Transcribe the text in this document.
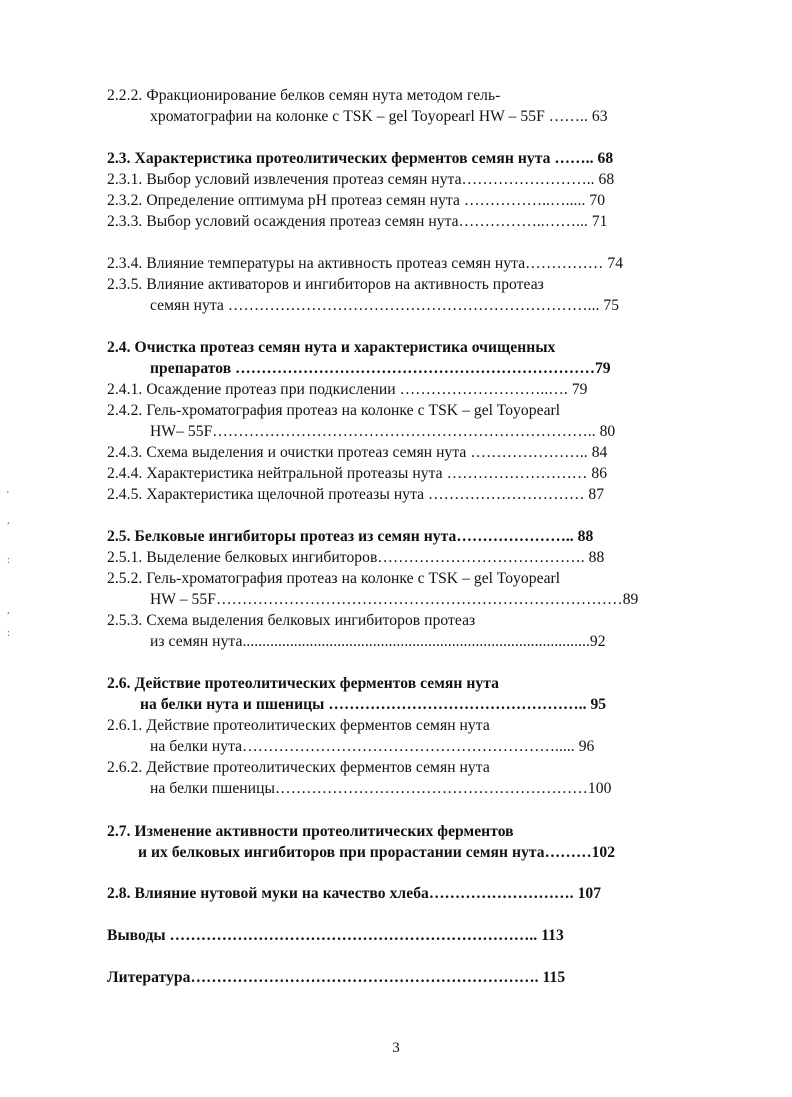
2.2.2. Фракционирование белков семян нута методом гель-
хроматографии на колонке с TSK – gel Toyopearl HW – 55F …….. 63
2.3. Характеристика протеолитических ферментов семян нута …….. 68
2.3.1. Выбор условий извлечения протеаз семян нута…………………….. 68
2.3.2. Определение оптимума рН протеаз семян нута ……………..…..... 70
2.3.3. Выбор условий осаждения протеаз семян нута……………..……... 71
2.3.4. Влияние температуры на активность протеаз семян нута…………… 74
2.3.5. Влияние активаторов и ингибиторов на активность протеаз
семян нута ……………………………………………………………... 75
2.4. Очистка протеаз семян нута и характеристика очищенных
препаратов ……………………………………………………………79
2.4.1. Осаждение протеаз при подкислении ………………………..…. 79
2.4.2. Гель-хроматография протеаз на колонке с TSK – gel Toyopearl
HW– 55F……………………………………………………………….. 80
2.4.3. Схема выделения и очистки протеаз семян нута ………………….. 84
2.4.4. Характеристика нейтральной протеазы нута ……………………… 86
2.4.5. Характеристика щелочной протеазы нута ………………………… 87
2.5. Белковые ингибиторы протеаз из семян нута………………….. 88
2.5.1. Выделение белковых ингибиторов…………………………………. 88
2.5.2. Гель-хроматография протеаз на колонке с TSK – gel Toyopearl
HW – 55F……………………………………………………………………89
2.5.3. Схема выделения белковых ингибиторов протеаз
из семян нута........................................................................................92
2.6. Действие протеолитических ферментов семян нута
на белки нута и пшеницы ………………………………………….. 95
2.6.1. Действие протеолитических ферментов семян нута
на белки нута……………………………………………………..... 96
2.6.2. Действие протеолитических ферментов семян нута
на белки пшеницы……………………………………………………100
2.7. Изменение активности протеолитических ферментов
и их белковых ингибиторов при прорастании семян нута………102
2.8. Влияние нутовой муки на качество хлеба………………………. 107
Выводы …………………………………………………………….. 113
Литература…………………………………………………………. 115
3
'
,
:
,
:
